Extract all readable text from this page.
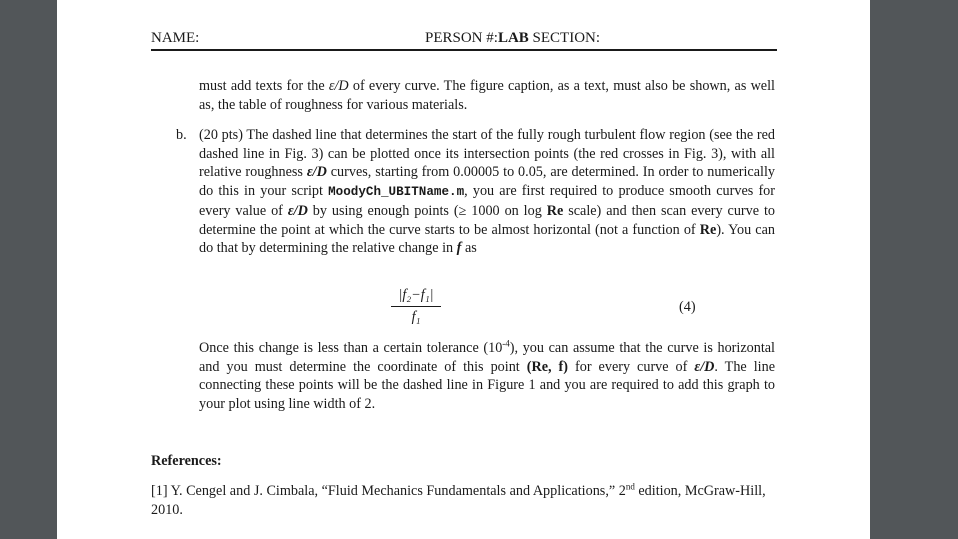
NAME:	PERSON #:LAB SECTION:
must add texts for the ε/D of every curve. The figure caption, as a text, must also be shown, as well as, the table of roughness for various materials.
b. (20 pts) The dashed line that determines the start of the fully rough turbulent flow region (see the red dashed line in Fig. 3) can be plotted once its intersection points (the red crosses in Fig. 3), with all relative roughness ε/D curves, starting from 0.00005 to 0.05, are determined. In order to numerically do this in your script MoodyCh_UBITName.m, you are first required to produce smooth curves for every value of ε/D by using enough points (≥ 1000 on log Re scale) and then scan every curve to determine the point at which the curve starts to be almost horizontal (not a function of Re). You can do that by determining the relative change in f as
$\frac{\text{|f₂−f₁|}}{\text{f₁}}$	(4)
Once this change is less than a certain tolerance $(10^{-4})$, you can assume that the curve is horizontal and you must determine the coordinate of this point (Re, f) for every curve of ε/D. The line connecting these points will be the dashed line in Figure 1 and you are required to add this graph to your plot using line width of 2.
References:
[1] Y. Cengel and J. Cimbala, “Fluid Mechanics Fundamentals and Applications,” 2nd edition, McGraw-Hill, 2010.
